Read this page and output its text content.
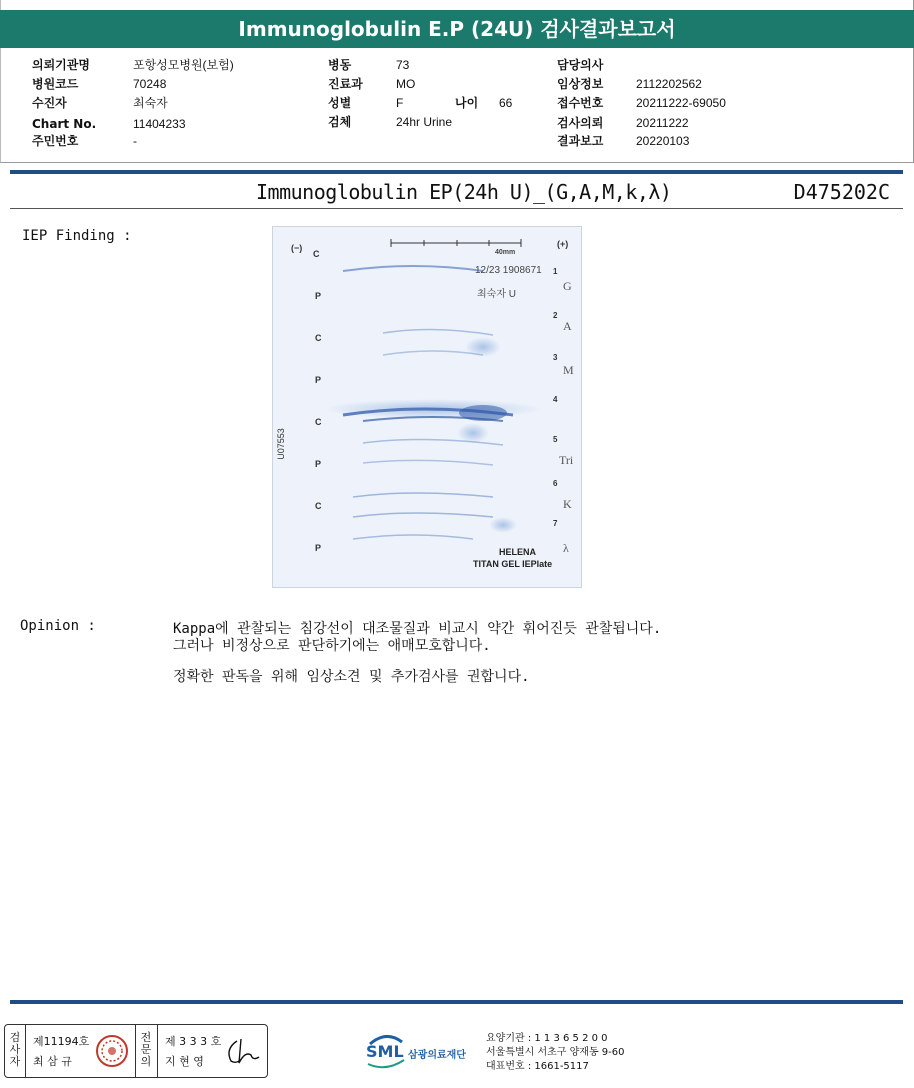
Immunoglobulin E.P (24U) 검사결과보고서
의뢰기관명	포항성모병원(보험)
병원코드	70248
수진자	최숙자
Chart No.	11404233
주민번호	-
병동	73
진료과	MO
성별	F	나이 66
검체	24hr Urine
담당의사
임상정보	2112202562
접수번호	20211222-69050
검사의뢰	20211222
결과보고	20220103
Immunoglobulin EP(24h U)_(G,A,M,k,λ)	D475202C
IEP Finding :
(−)	(+)
40mm
12/23 1908671
최숙자 U
C
P
C
P
C
P
C
P
1
2
3
4
5
6
7
G
A
M
Tri
K
λ
U07553
HELENA
TITAN GEL IEPlate
Opinion :	Kappa에 관찰되는 침강선이 대조물질과 비교시 약간 휘어진듯 관찰됩니다.
그러나 비정상으로 판단하기에는 애매모호합니다.
정확한 판독을 위해 임상소견 및 추가검사를 권합니다.
검사자
제11194호
최 삼 규
전문의
제 3 3 3 호
지 현 영
SML 삼광의료재단
요양기관 : 1 1 3 6 5 2 0 0
서울특별시 서초구 양재동 9-60
대표번호 : 1661-5117
